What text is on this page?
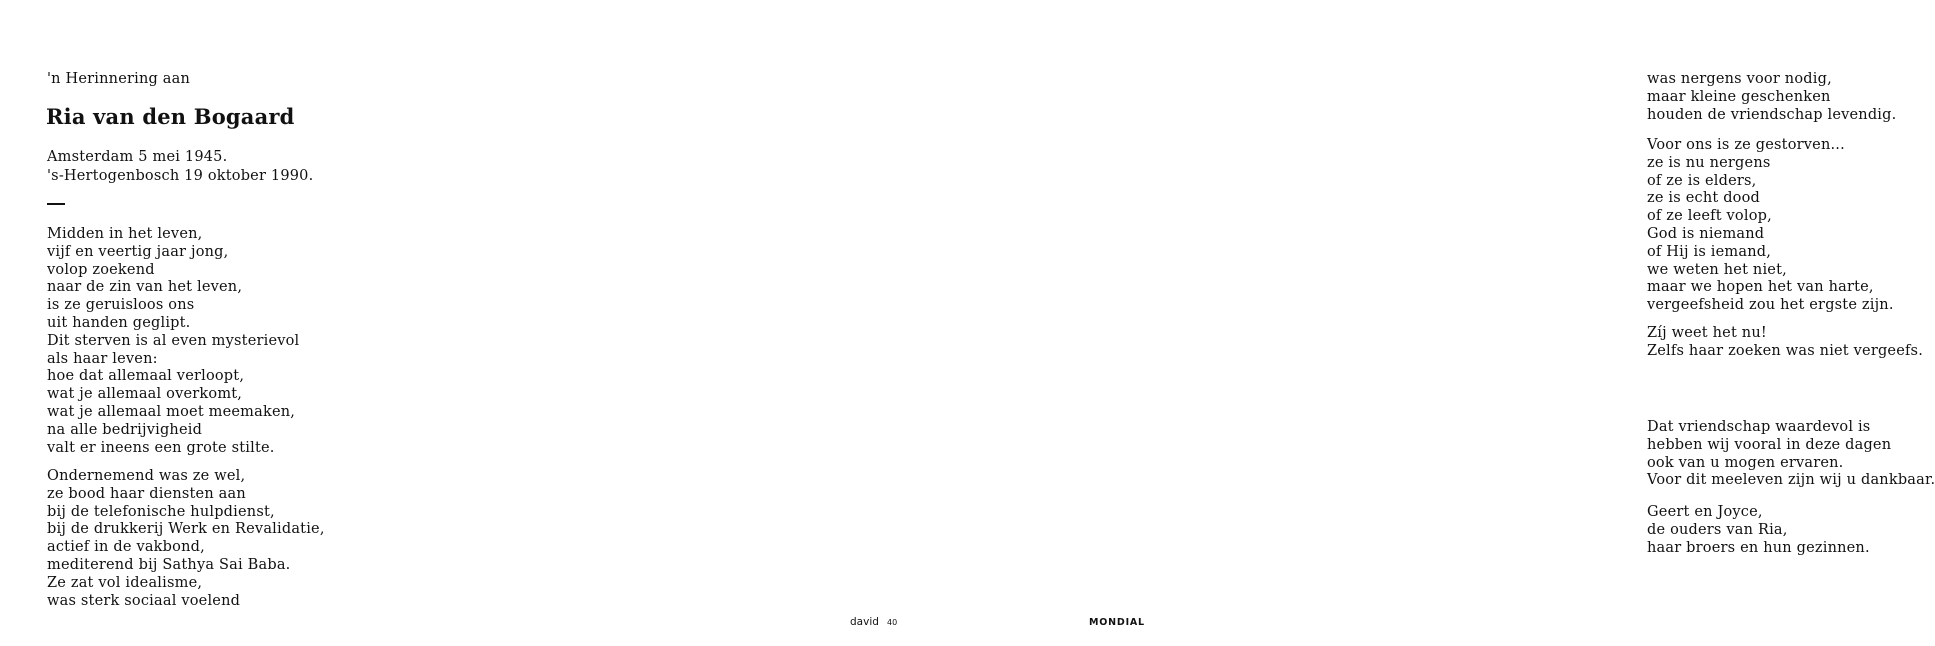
'n Herinnering aan
Ria van den Bogaard
Amsterdam 5 mei 1945.
's-Hertogenbosch 19 oktober 1990.
Midden in het leven,
vijf en veertig jaar jong,
volop zoekend
naar de zin van het leven,
is ze geruisloos ons
uit handen geglipt.
Dit sterven is al even mysterievol
als haar leven:
hoe dat allemaal verloopt,
wat je allemaal overkomt,
wat je allemaal moet meemaken,
na alle bedrijvigheid
valt er ineens een grote stilte.
Ondernemend was ze wel,
ze bood haar diensten aan
bij de telefonische hulpdienst,
bij de drukkerij Werk en Revalidatie,
actief in de vakbond,
mediterend bij Sathya Sai Baba.
Ze zat vol idealisme,
was sterk sociaal voelend
was nergens voor nodig,
maar kleine geschenken
houden de vriendschap levendig.
Voor ons is ze gestorven...
ze is nu nergens
of ze is elders,
ze is echt dood
of ze leeft volop,
God is niemand
of Hij is iemand,
we weten het niet,
maar we hopen het van harte,
vergeefsheid zou het ergste zijn.
Zíj weet het nu!
Zelfs haar zoeken was niet vergeefs.
Dat vriendschap waardevol is
hebben wij vooral in deze dagen
ook van u mogen ervaren.
Voor dit meeleven zijn wij u dankbaar.
Geert en Joyce,
de ouders van Ria,
haar broers en hun gezinnen.
david 40	MONDIAL
